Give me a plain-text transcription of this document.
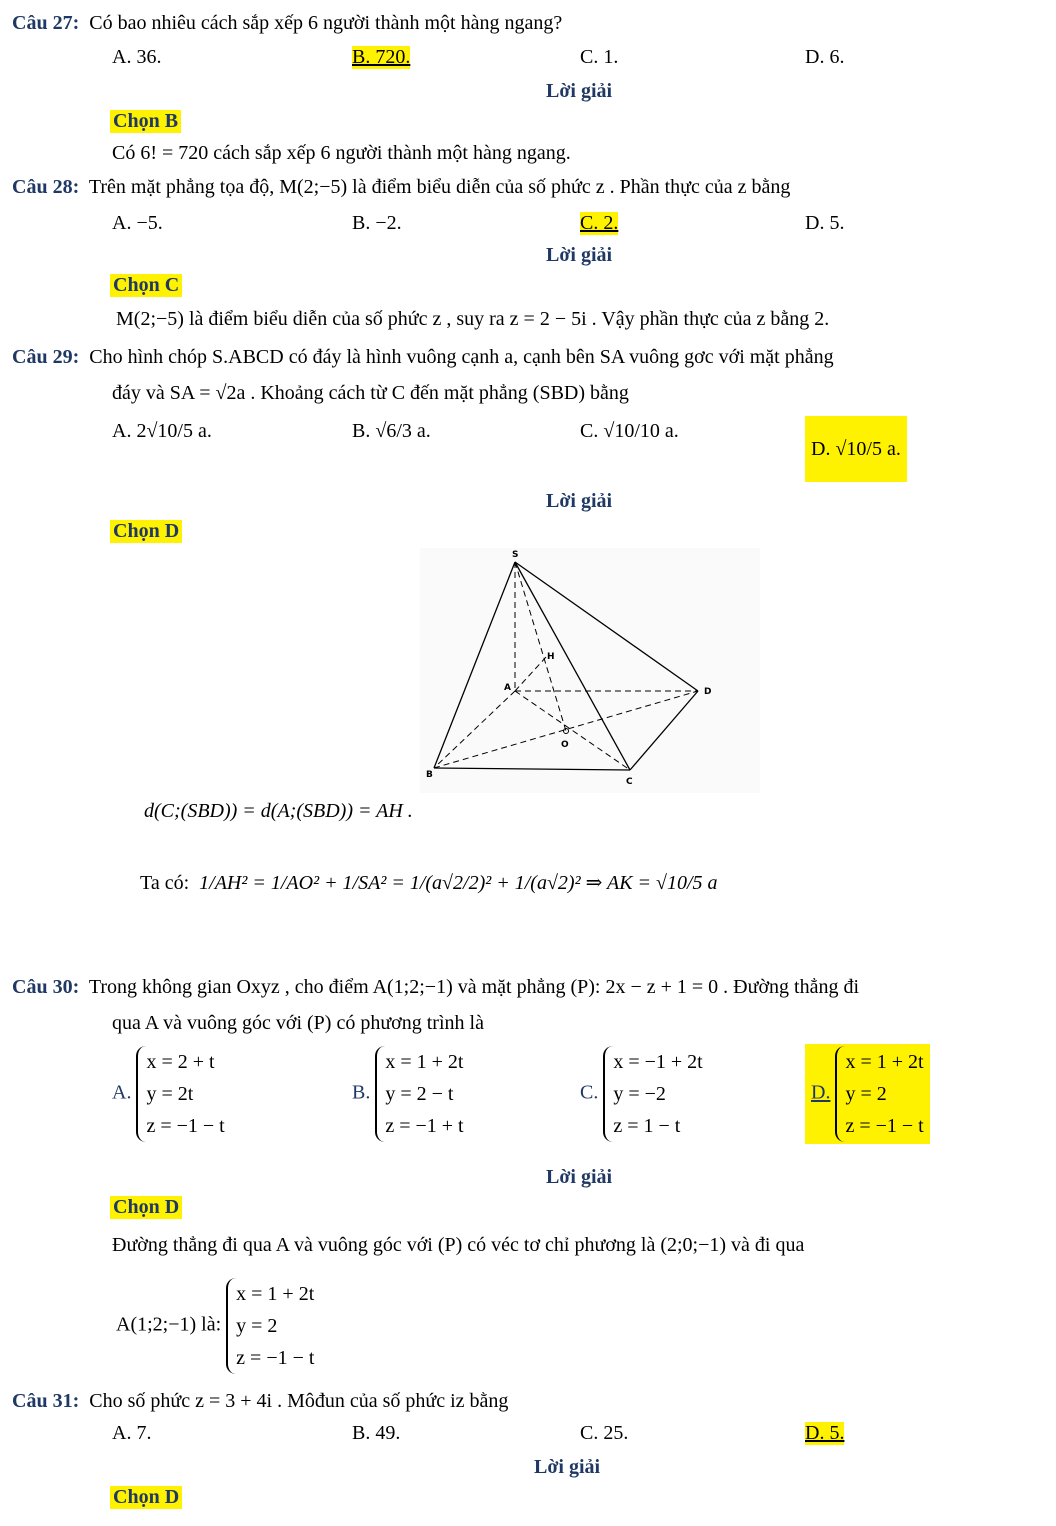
Câu 27: Có bao nhiêu cách sắp xếp 6 người thành một hàng ngang?
A. 36.	B. 720.	C. 1.	D. 6.
Lời giải
Chọn B
Có 6! = 720 cách sắp xếp 6 người thành một hàng ngang.
Câu 28: Trên mặt phẳng tọa độ, M(2;−5) là điểm biểu diễn của số phức z . Phần thực của z bằng
A. −5.	B. −2.	C. 2.	D. 5.
Lời giải
Chọn C
M(2;−5) là điểm biểu diễn của số phức z , suy ra z = 2 − 5i . Vậy phần thực của z bằng 2.
Câu 29: Cho hình chóp S.ABCD có đáy là hình vuông cạnh a, cạnh bên SA vuông gơc với mặt phẳng
đáy và SA = √2a . Khoảng cách từ C đến mặt phẳng (SBD) bằng
A. 2√10/5 a.	B. √6/3 a.	C. √10/10 a.
D. √10/5 a.
Lời giải
Chọn D
S
H
A	D
O
B
C
d(C;(SBD)) = d(A;(SBD)) = AH .
Ta có: 1/AH² = 1/AO² + 1/SA² = 1/(a√2/2)² + 1/(a√2)² ⇒ AK = √10/5 a
Câu 30: Trong không gian Oxyz , cho điểm A(1;2;−1) và mặt phẳng (P): 2x − z + 1 = 0 . Đường thẳng đi
qua A và vuông góc với (P) có phương trình là
A.
x = 2 + t
y = 2t
z = −1 − t
B.
x = 1 + 2t
y = 2 − t
z = −1 + t
C.
x = −1 + 2t
y = −2
z = 1 − t
D.
x = 1 + 2t
y = 2
z = −1 − t
Lời giải
Chọn D
Đường thẳng đi qua A và vuông góc với (P) có véc tơ chỉ phương là (2;0;−1) và đi qua
A(1;2;−1) là:
x = 1 + 2t
y = 2
z = −1 − t
Câu 31: Cho số phức z = 3 + 4i . Môđun của số phức iz bằng
A. 7.	B. 49.	C. 25.	D. 5.
Lời giải
Chọn D
